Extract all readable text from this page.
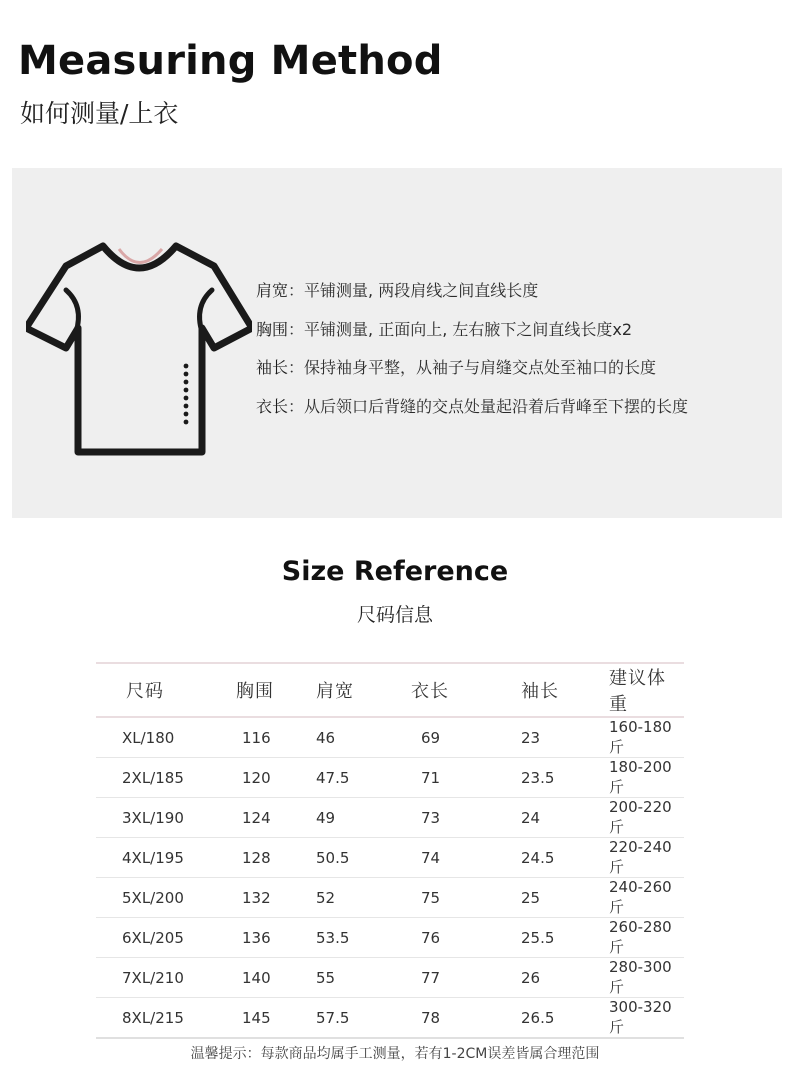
Measuring Method
如何测量/上衣
肩宽：平铺测量, 两段肩线之间直线长度
胸围：平铺测量, 正面向上, 左右腋下之间直线长度x2
袖长：保持袖身平整，从袖子与肩缝交点处至袖口的长度
衣长：从后领口后背缝的交点处量起沿着后背峰至下摆的长度
Size Reference
尺码信息
尺码	胸围	肩宽	衣长	袖长	建议体重
XL/180	116	46	69	23	160-180斤
2XL/185	120	47.5	71	23.5	180-200斤
3XL/190	124	49	73	24	200-220斤
4XL/195	128	50.5	74	24.5	220-240斤
5XL/200	132	52	75	25	240-260斤
6XL/205	136	53.5	76	25.5	260-280斤
7XL/210	140	55	77	26	280-300斤
8XL/215	145	57.5	78	26.5	300-320斤
温馨提示：每款商品均属手工测量，若有1-2CM误差皆属合理范围
